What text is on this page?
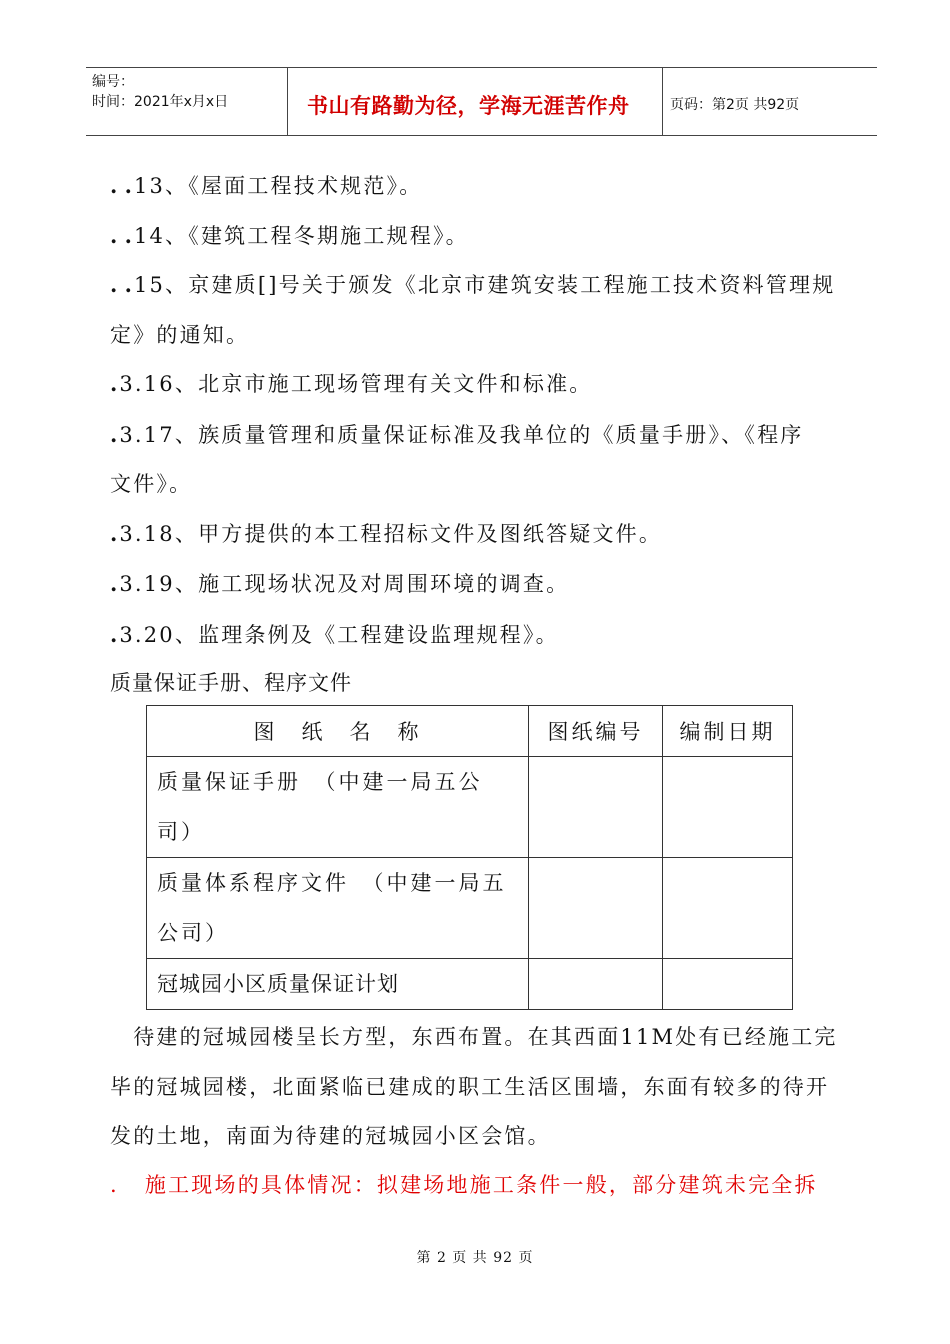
编号：
时间：2021年x月x日	书山有路勤为径，学海无涯苦作舟	页码：第2页 共92页
. .13、《屋面工程技术规范》。
. .14、《建筑工程冬期施工规程》。
. .15、京建质[]号关于颁发《北京市建筑安装工程施工技术资料管理规
定》的通知。
.3.16、北京市施工现场管理有关文件和标准。
.3.17、族质量管理和质量保证标准及我单位的《质量手册》、《程序
文件》。
.3.18、甲方提供的本工程招标文件及图纸答疑文件。
.3.19、施工现场状况及对周围环境的调查。
.3.20、监理条例及《工程建设监理规程》。
质量保证手册、程序文件
图　纸　名　称	图纸编号	编制日期

质量保证手册　（中建一局五公司）		

质量体系程序文件　（中建一局五公司）		

冠城园小区质量保证计划		

　待建的冠城园楼呈长方型，东西布置。在其西面11M处有已经施工完
毕的冠城园楼，北面紧临已建成的职工生活区围墙，东面有较多的待开
发的土地，南面为待建的冠城园小区会馆。
. 施工现场的具体情况：拟建场地施工条件一般，部分建筑未完全拆
第 2 页 共 92 页
